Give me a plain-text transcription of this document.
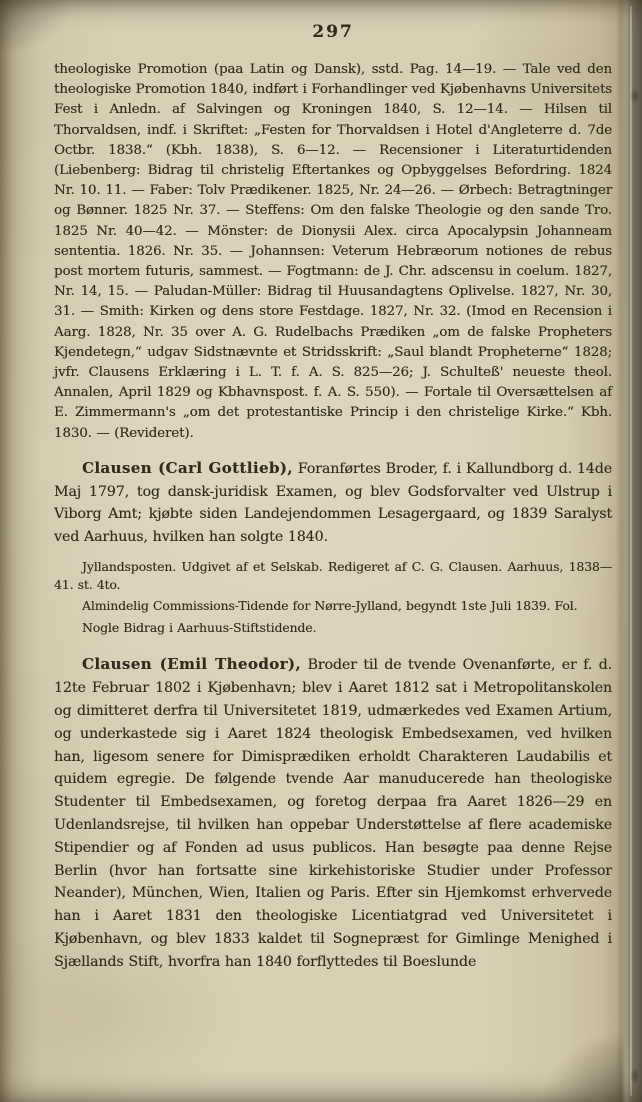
297

theologiske Promotion (paa Latin og Dansk), sstd. Pag. 14—19. — Tale ved den theologiske Promotion 1840, indført i Forhandlinger ved Kjøbenhavns Universitets Fest i Anledn. af Salvingen og Kroningen 1840, S. 12—14. — Hilsen til Thorvaldsen, indf. i Skriftet: „Festen for Thorvaldsen i Hotel d'Angleterre d. 7de Octbr. 1838.“ (Kbh. 1838), S. 6—12. — Recensioner i Literaturtidenden (Liebenberg: Bidrag til christelig Eftertankes og Opbyggelses Befordring. 1824 Nr. 10. 11. — Faber: Tolv Prædikener. 1825, Nr. 24—26. — Ørbech: Betragtninger og Bønner. 1825 Nr. 37. — Steffens: Om den falske Theologie og den sande Tro. 1825 Nr. 40—42. — Mönster: de Dionysii Alex. circa Apocalypsin Johanneam sententia. 1826. Nr. 35. — Johannsen: Veterum Hebræorum notiones de rebus post mortem futuris, sammest. — Fogtmann: de J. Chr. adscensu in coelum. 1827, Nr. 14, 15. — Paludan-Müller: Bidrag til Huusandagtens Oplivelse. 1827, Nr. 30, 31. — Smith: Kirken og dens store Festdage. 1827, Nr. 32. (Imod en Recension i Aarg. 1828, Nr. 35 over A. G. Rudelbachs Prædiken „om de falske Propheters Kjendetegn,“ udgav Sidstnævnte et Stridsskrift: „Saul blandt Propheterne“ 1828; jvfr. Clausens Erklæring i L. T. f. A. S. 825—26; J. Schulteß' neueste theol. Annalen, April 1829 og Kbhavnspost. f. A. S. 550). — Fortale til Oversættelsen af E. Zimmermann's „om det protestantiske Princip i den christelige Kirke.“ Kbh. 1830. — (Revideret).

Clausen (Carl Gottlieb), Foranførtes Broder, f. i Kallundborg d. 14de Maj 1797, tog dansk-juridisk Examen, og blev Godsforvalter ved Ulstrup i Viborg Amt; kjøbte siden Landejendommen Lesagergaard, og 1839 Saralyst ved Aarhuus, hvilken han solgte 1840.

Jyllandsposten. Udgivet af et Selskab. Redigeret af C. G. Clausen. Aarhuus, 1838—41. st. 4to.

Almindelig Commissions-Tidende for Nørre-Jylland, begyndt 1ste Juli 1839. Fol.

Nogle Bidrag i Aarhuus-Stiftstidende.

Clausen (Emil Theodor), Broder til de tvende Ovenanførte, er f. d. 12te Februar 1802 i Kjøbenhavn; blev i Aaret 1812 sat i Metropolitanskolen og dimitteret derfra til Universitetet 1819, udmærkedes ved Examen Artium, og underkastede sig i Aaret 1824 theologisk Embedsexamen, ved hvilken han, ligesom senere for Dimisprædiken erholdt Charakteren Laudabilis et quidem egregie. De følgende tvende Aar manuducerede han theologiske Studenter til Embedsexamen, og foretog derpaa fra Aaret 1826—29 en Udenlandsrejse, til hvilken han oppebar Understøttelse af flere academiske Stipendier og af Fonden ad usus publicos. Han besøgte paa denne Rejse Berlin (hvor han fortsatte sine kirkehistoriske Studier under Professor Neander), München, Wien, Italien og Paris. Efter sin Hjemkomst erhvervede han i Aaret 1831 den theologiske Licentiatgrad ved Universitetet i Kjøbenhavn, og blev 1833 kaldet til Sognepræst for Gimlinge Menighed i Sjællands Stift, hvorfra han 1840 forflyttedes til Boeslunde
